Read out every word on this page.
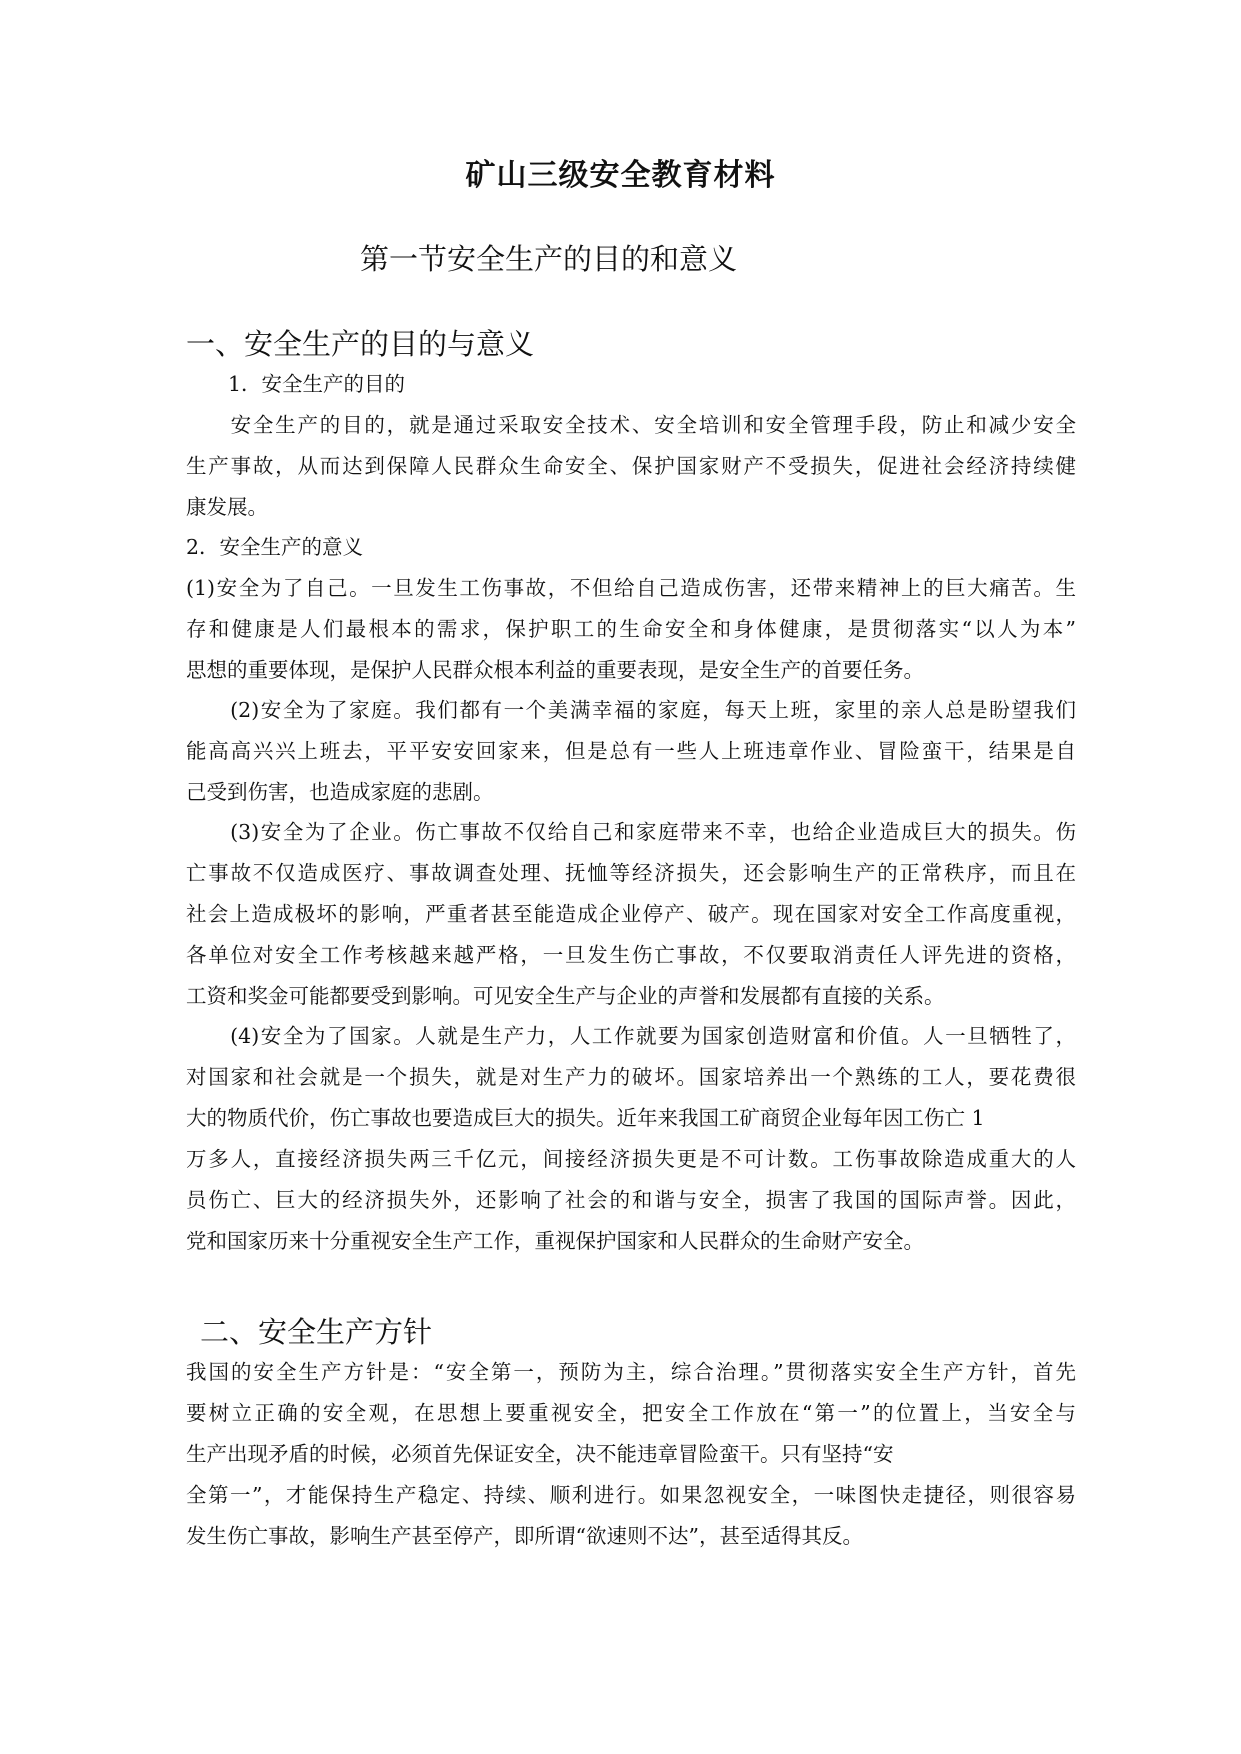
矿山三级安全教育材料
第一节安全生产的目的和意义
一、安全生产的目的与意义
1．安全生产的目的
　　安全生产的目的，就是通过采取安全技术、安全培训和安全管理手段，防止和减少安全
生产事故，从而达到保障人民群众生命安全、保护国家财产不受损失，促进社会经济持续健
康发展。
2．安全生产的意义
(1)安全为了自己。一旦发生工伤事故，不但给自己造成伤害，还带来精神上的巨大痛苦。生
存和健康是人们最根本的需求，保护职工的生命安全和身体健康，是贯彻落实“以人为本”
思想的重要体现，是保护人民群众根本利益的重要表现，是安全生产的首要任务。
　　(2)安全为了家庭。我们都有一个美满幸福的家庭，每天上班，家里的亲人总是盼望我们
能高高兴兴上班去，平平安安回家来，但是总有一些人上班违章作业、冒险蛮干，结果是自
己受到伤害，也造成家庭的悲剧。
　　(3)安全为了企业。伤亡事故不仅给自己和家庭带来不幸，也给企业造成巨大的损失。伤
亡事故不仅造成医疗、事故调查处理、抚恤等经济损失，还会影响生产的正常秩序，而且在
社会上造成极坏的影响，严重者甚至能造成企业停产、破产。现在国家对安全工作高度重视，
各单位对安全工作考核越来越严格，一旦发生伤亡事故，不仅要取消责任人评先进的资格，
工资和奖金可能都要受到影响。可见安全生产与企业的声誉和发展都有直接的关系。
　　(4)安全为了国家。人就是生产力，人工作就要为国家创造财富和价值。人一旦牺牲了，
对国家和社会就是一个损失，就是对生产力的破坏。国家培养出一个熟练的工人，要花费很
大的物质代价，伤亡事故也要造成巨大的损失。近年来我国工矿商贸企业每年因工伤亡 1
万多人，直接经济损失两三千亿元，间接经济损失更是不可计数。工伤事故除造成重大的人
员伤亡、巨大的经济损失外，还影响了社会的和谐与安全，损害了我国的国际声誉。因此，
党和国家历来十分重视安全生产工作，重视保护国家和人民群众的生命财产安全。
二、安全生产方针
我国的安全生产方针是：“安全第一，预防为主，综合治理。”贯彻落实安全生产方针，首先
要树立正确的安全观，在思想上要重视安全，把安全工作放在“第一”的位置上，当安全与
生产出现矛盾的时候，必须首先保证安全，决不能违章冒险蛮干。只有坚持“安
全第一”，才能保持生产稳定、持续、顺利进行。如果忽视安全，一味图快走捷径，则很容易
发生伤亡事故，影响生产甚至停产，即所谓“欲速则不达”，甚至适得其反。
